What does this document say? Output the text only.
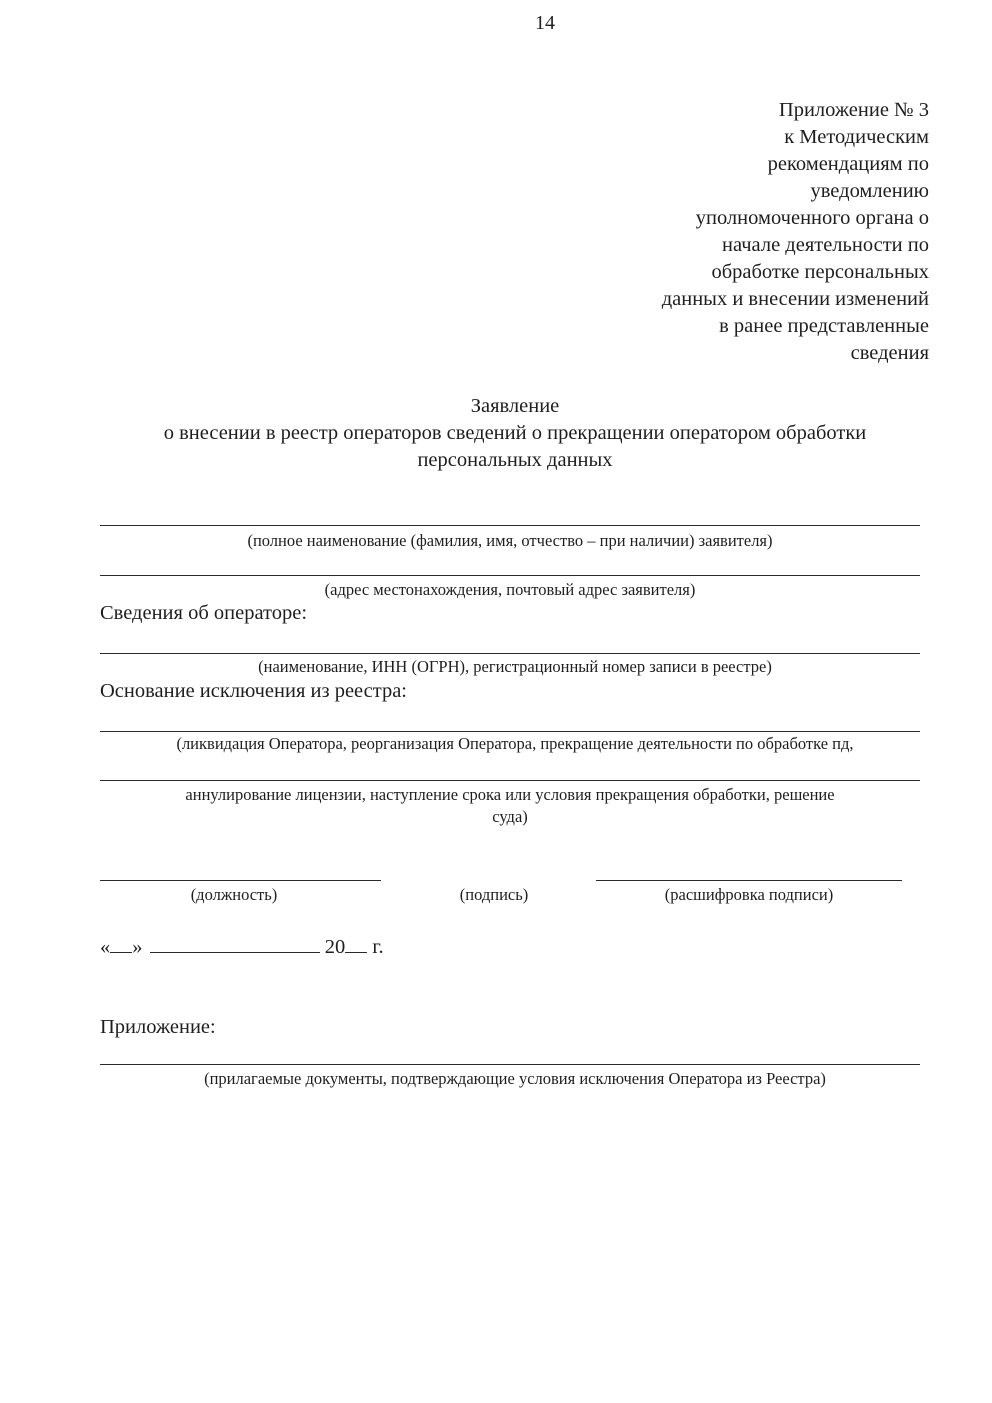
14
Приложение № 3
к Методическим
рекомендациям по
уведомлению
уполномоченного органа о
начале деятельности по
обработке персональных
данных и внесении изменений
в ранее представленные
сведения
Заявление
о внесении в реестр операторов сведений о прекращении оператором обработки
персональных данных
(полное наименование (фамилия, имя, отчество – при наличии) заявителя)
(адрес местонахождения, почтовый адрес заявителя)
Сведения об операторе:
(наименование, ИНН (ОГРН), регистрационный номер записи в реестре)
Основание исключения из реестра:
(ликвидация Оператора, реорганизация Оператора, прекращение деятельности по обработке пд,
аннулирование лицензии, наступление срока или условия прекращения обработки, решение
суда)
(должность)	(подпись)	(расшифровка подписи)
« »	20 г.
Приложение:
(прилагаемые документы, подтверждающие условия исключения Оператора из Реестра)
